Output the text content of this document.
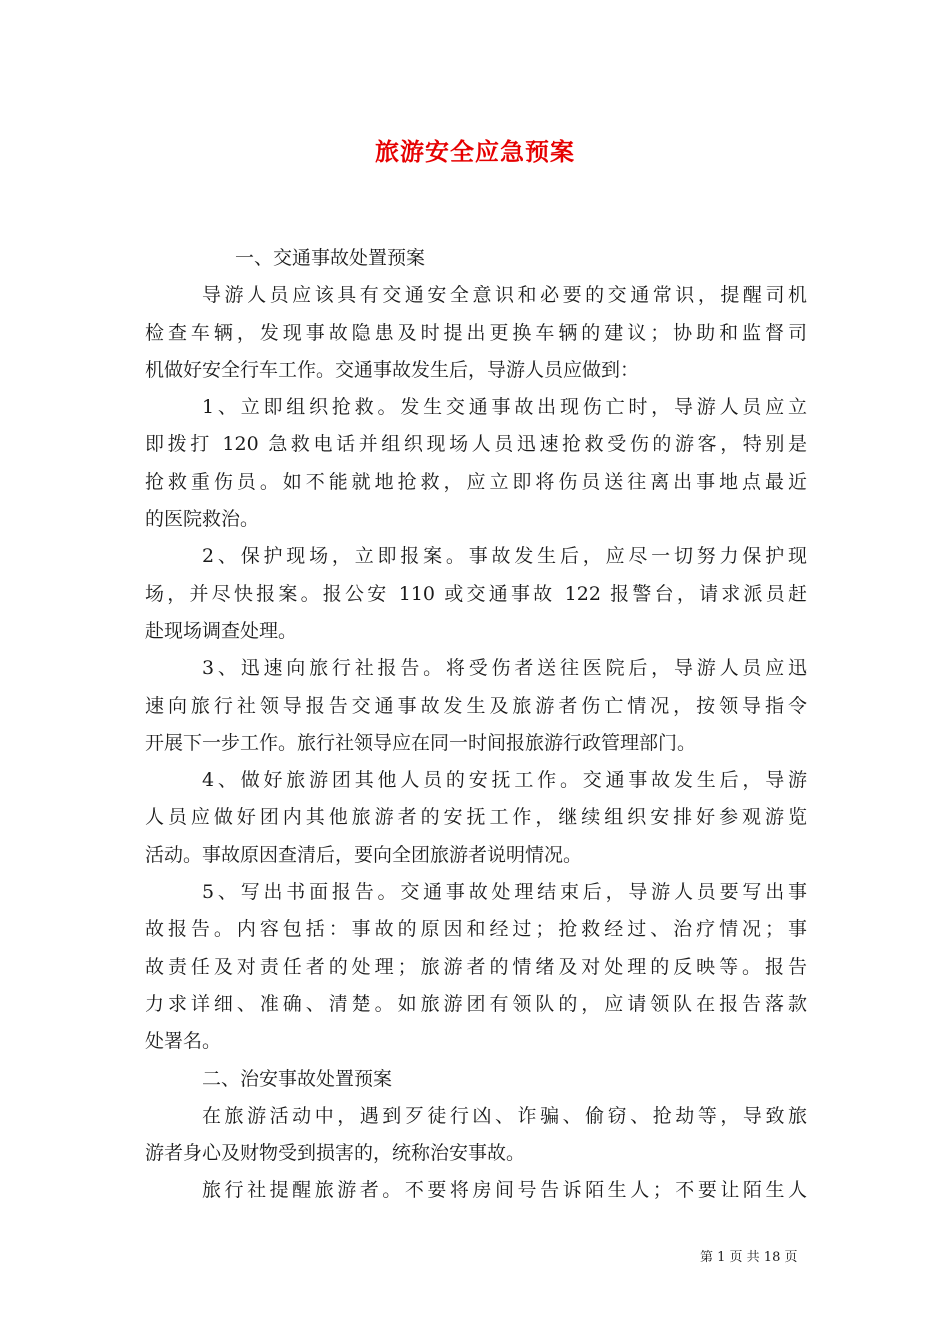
旅游安全应急预案
一、交通事故处置预案
导游人员应该具有交通安全意识和必要的交通常识，提醒司机
检查车辆，发现事故隐患及时提出更换车辆的建议；协助和监督司
机做好安全行车工作。交通事故发生后，导游人员应做到：
1、立即组织抢救。发生交通事故出现伤亡时，导游人员应立
即拨打 120 急救电话并组织现场人员迅速抢救受伤的游客，特别是
抢救重伤员。如不能就地抢救，应立即将伤员送往离出事地点最近
的医院救治。
2、保护现场，立即报案。事故发生后，应尽一切努力保护现
场，并尽快报案。报公安 110 或交通事故 122 报警台，请求派员赶
赴现场调查处理。
3、迅速向旅行社报告。将受伤者送往医院后，导游人员应迅
速向旅行社领导报告交通事故发生及旅游者伤亡情况，按领导指令
开展下一步工作。旅行社领导应在同一时间报旅游行政管理部门。
4、做好旅游团其他人员的安抚工作。交通事故发生后，导游
人员应做好团内其他旅游者的安抚工作，继续组织安排好参观游览
活动。事故原因查清后，要向全团旅游者说明情况。
5、写出书面报告。交通事故处理结束后，导游人员要写出事
故报告。内容包括：事故的原因和经过；抢救经过、治疗情况；事
故责任及对责任者的处理；旅游者的情绪及对处理的反映等。报告
力求详细、准确、清楚。如旅游团有领队的，应请领队在报告落款
处署名。
二、治安事故处置预案
在旅游活动中，遇到歹徒行凶、诈骗、偷窃、抢劫等，导致旅
游者身心及财物受到损害的，统称治安事故。
旅行社提醒旅游者。不要将房间号告诉陌生人；不要让陌生人
第 1 页 共 18 页
